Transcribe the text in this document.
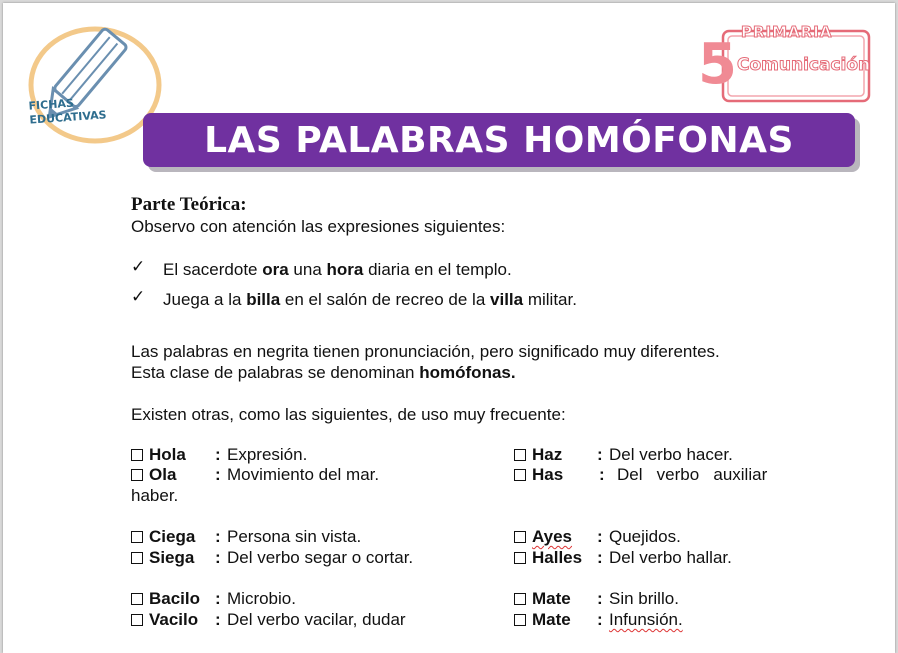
FICHAS
EDUCATIVAS
PRIMARIA
5 Comunicación
LAS PALABRAS HOMÓFONAS
Parte Teórica:
Observo con atención las expresiones siguientes:
✓ El sacerdote ora una hora diaria en el templo.
✓ Juega a la billa en el salón de recreo de la villa militar.
Las palabras en negrita tienen pronunciación, pero significado muy diferentes.
Esta clase de palabras se denominan homófonas.
Existen otras, como las siguientes, de uso muy frecuente:
Hola : Expresión.
Ola : Movimiento del mar.
haber.
Ciega : Persona sin vista.
Siega : Del verbo segar o cortar.
Bacilo : Microbio.
Vacilo : Del verbo vacilar, dudar
Haz : Del verbo hacer.
Has : Del   verbo   auxiliar
Ayes : Quejidos.
Halles : Del verbo hallar.
Mate : Sin brillo.
Mate : Infunsión.
